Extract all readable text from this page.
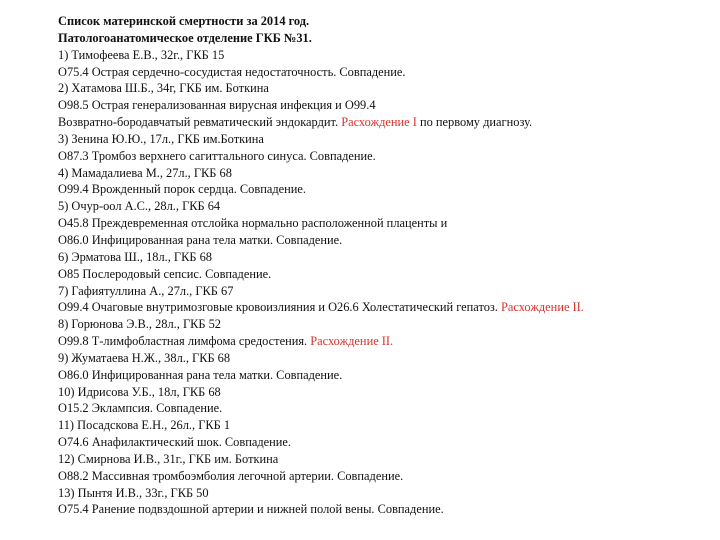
Список материнской смертности за 2014 год.
Патологоанатомическое отделение ГКБ №31.
1) Тимофеева Е.В., 32г., ГКБ 15
O75.4 Острая сердечно-сосудистая недостаточность. Совпадение.
2) Хатамова Ш.Б., 34г, ГКБ им. Боткина
O98.5 Острая генерализованная вирусная инфекция и O99.4
Возвратно-бородавчатый ревматический эндокардит. Расхождение I по первому диагнозу.
3) Зенина Ю.Ю., 17л., ГКБ им.Боткина
O87.3 Тромбоз верхнего сагиттального синуса. Совпадение.
4) Мамадалиева М., 27л., ГКБ 68
O99.4 Врожденный порок сердца. Совпадение.
5) Очур-оол А.С., 28л., ГКБ 64
O45.8 Преждевременная отслойка нормально расположенной плаценты и
O86.0 Инфицированная рана тела матки. Совпадение.
6) Эрматова Ш., 18л., ГКБ 68
O85 Послеродовый сепсис. Совпадение.
7) Гафиятуллина А., 27л., ГКБ 67
O99.4 Очаговые внутримозговые кровоизлияния и O26.6 Холестатический гепатоз. Расхождение II.
8) Горюнова Э.В., 28л., ГКБ 52
O99.8 Т-лимфобластная лимфома средостения. Расхождение II.
9) Жуматаева Н.Ж., 38л., ГКБ 68
O86.0 Инфицированная рана тела матки. Совпадение.
10) Идрисова У.Б., 18л, ГКБ 68
O15.2 Эклампсия. Совпадение.
11) Посадскова Е.Н., 26л., ГКБ 1
O74.6 Анафилактический шок. Совпадение.
12) Смирнова И.В., 31г., ГКБ им. Боткина
O88.2 Массивная тромбоэмболия легочной артерии. Совпадение.
13) Пынтя И.В., 33г., ГКБ 50
O75.4 Ранение подвздошной артерии и нижней полой вены. Совпадение.
